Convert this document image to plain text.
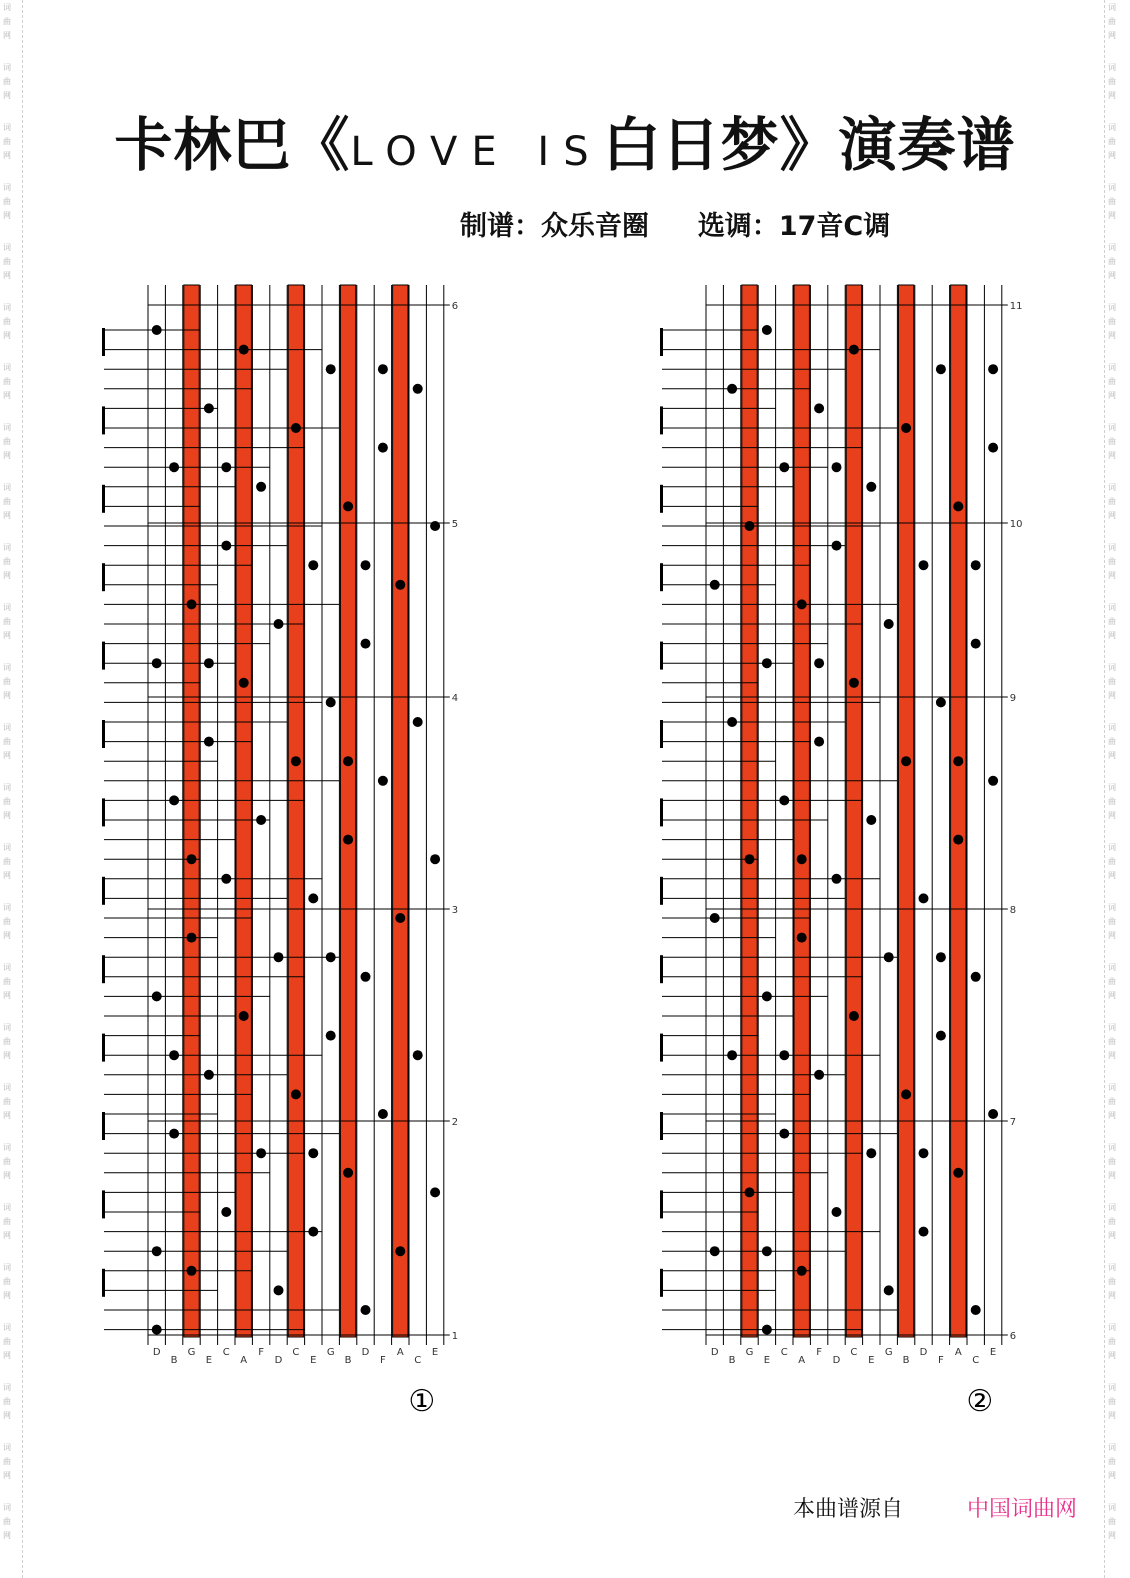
词
曲
网
词
曲
网
词
曲
网
词
曲
网
词
曲
网
词
曲
网
词
曲
网
词
曲
网
词
曲
网
词
曲
网
词
曲
网
词
曲
网
词
曲
网
词
曲
网
词
曲
网
词
曲
网
词
曲
网
词
曲
网
词
曲
网
词
曲
网
词
曲
网
词
曲
网
词
曲
网
词
曲
网
词
曲
网
词
曲
网
词
曲
网
词
曲
网
词
曲
网
词
曲
网
词
曲
网
词
曲
网
词
曲
网
词
曲
网
词
曲
网
词
曲
网
词
曲
网
词
曲
网
词
曲
网
词
曲
网
词
曲
网
词
曲
网
词
曲
网
词
曲
网
词
曲
网
词
曲
网
词
曲
网
词
曲
网
词
曲
网
词
曲
网
词
曲
网
词
曲
网
卡林巴《LOVE IS白日梦》演奏谱
制谱：众乐音圈 选调：17音C调
6
5
4
3
2
1
D
B
G
E
C
A
F
D
C
E
G
B
D
F
A
C
E
①
11
10
9
8
7
6
D
B
G
E
C
A
F
D
C
E
G
B
D
F
A
C
E
②
本曲谱源自	中国词曲网
